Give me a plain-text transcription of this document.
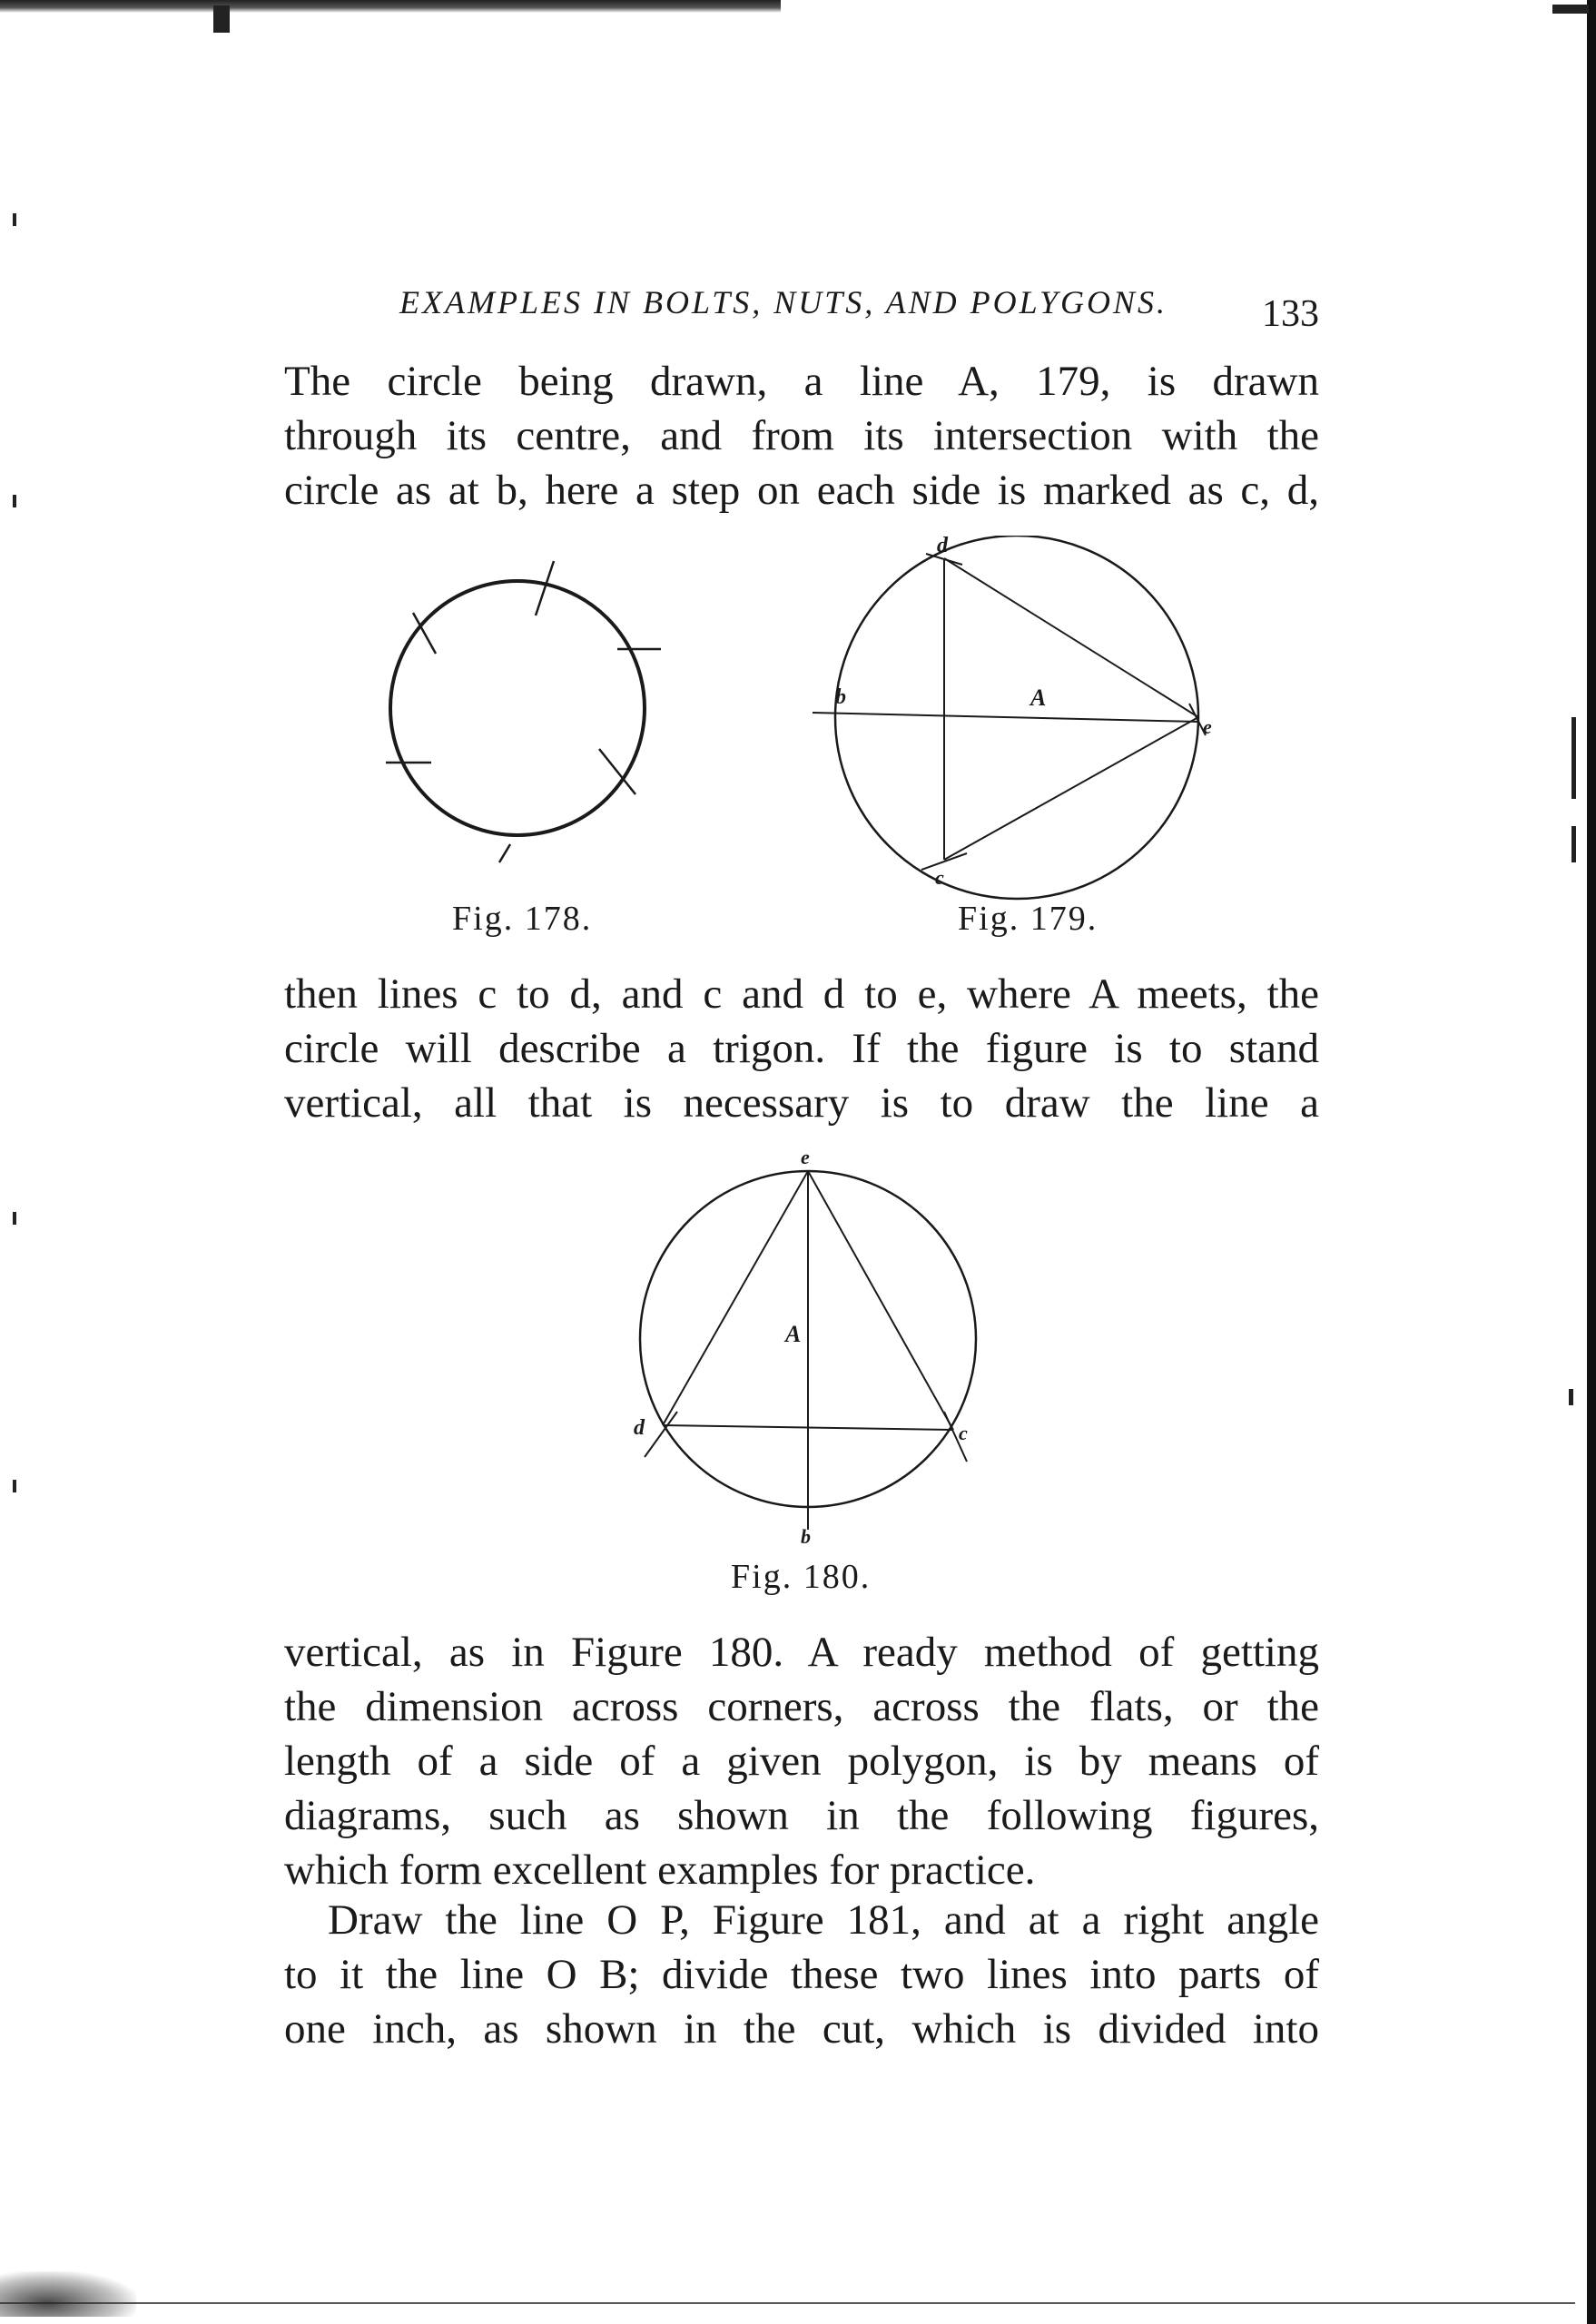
EXAMPLES IN BOLTS, NUTS, AND POLYGONS. 133
The circle being drawn, a line A, 179, is drawn
through its centre, and from its intersection with the
circle as at b, here a step on each side is marked as c, d,
Fig. 178.
d
b	A
e
c
Fig. 179.
then lines c to d, and c and d to e, where A meets, the
circle will describe a trigon. If the figure is to stand
vertical, all that is necessary is to draw the line a
e
A
d	c
b
Fig. 180.
vertical, as in Figure 180. A ready method of getting
the dimension across corners, across the flats, or the
length of a side of a given polygon, is by means of
diagrams, such as shown in the following figures,
which form excellent examples for practice.
Draw the line O P, Figure 181, and at a right angle
to it the line O B; divide these two lines into parts of
one inch, as shown in the cut, which is divided into
